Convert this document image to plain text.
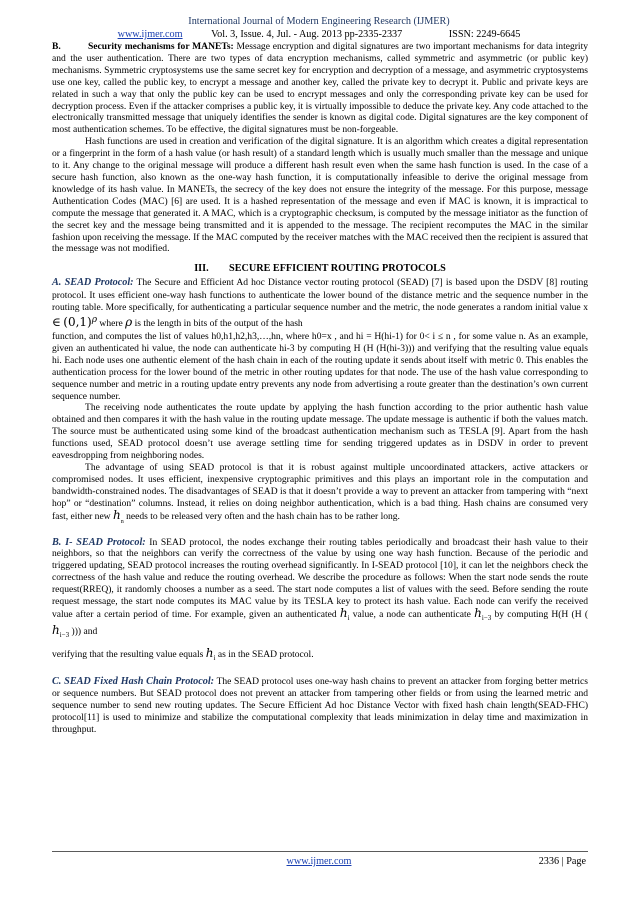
International Journal of Modern Engineering Research (IJMER)
www.ijmer.com	Vol. 3, Issue. 4, Jul. - Aug. 2013 pp-2335-2337	ISSN: 2249-6645

B.	Security mechanisms for MANETs: Message encryption and digital signatures are two important mechanisms for data integrity and the user authentication. There are two types of data encryption mechanisms, called symmetric and asymmetric (or public key) mechanisms. Symmetric cryptosystems use the same secret key for encryption and decryption of a message, and asymmetric cryptosystems use one key, called the public key, to encrypt a message and another key, called the private key to decrypt it. Public and private keys are related in such a way that only the public key can be used to encrypt messages and only the corresponding private key can be used for decryption process. Even if the attacker comprises a public key, it is virtually impossible to deduce the private key. Any code attached to the electronically transmitted message that uniquely identifies the sender is known as digital code. Digital signatures are the key component of most authentication schemes. To be effective, the digital signatures must be non-forgeable.

Hash functions are used in creation and verification of the digital signature. It is an algorithm which creates a digital representation or a fingerprint in the form of a hash value (or hash result) of a standard length which is usually much smaller than the message and unique to it. Any change to the original message will produce a different hash result even when the same hash function is used. In the case of a secure hash function, also known as the one-way hash function, it is computationally infeasible to derive the original message from knowledge of its hash value. In MANETs, the secrecy of the key does not ensure the integrity of the message. For this purpose, message Authentication Codes (MAC) [6] are used. It is a hashed representation of the message and even if MAC is known, it is impractical to compute the message that generated it. A MAC, which is a cryptographic checksum, is computed by the message initiator as the function of the secret key and the message being transmitted and it is appended to the message. The recipient recomputes the MAC in the similar fashion upon receiving the message. If the MAC computed by the receiver matches with the MAC received then the recipient is assured that the message was not modified.

III.        SECURE EFFICIENT ROUTING PROTOCOLS

A. SEAD Protocol: The Secure and Efficient Ad hoc Distance vector routing protocol (SEAD) [7] is based upon the DSDV [8] routing protocol. It uses efficient one-way hash functions to authenticate the lower bound of the distance metric and the sequence number in the routing table. More specifically, for authenticating a particular sequence number and the metric, the node generates a random initial value x ∈ $(0,1)^\rho$ where ρ is the length in bits of the output of the hash

function, and computes the list of values h0,h1,h2,h3,…,hn, where h0=x , and hi = H(hi-1) for 0< i ≤ n , for some value n. As an example, given an authenticated hi value, the node can authenticate hi-3 by computing H (H (H(hi-3))) and verifying that the resulting value equals hi. Each node uses one authentic element of the hash chain in each of the routing update it sends about itself with metric 0. This enables the authentication process for the lower bound of the metric in other routing updates for that node. The use of the hash value corresponding to sequence number and metric in a routing update entry prevents any node from advertising a route greater than the destination’s own current sequence number.

The receiving node authenticates the route update by applying the hash function according to the prior authentic hash value obtained and then compares it with the hash value in the routing update message. The update message is authentic if both the values match. The source must be authenticated using some kind of the broadcast authentication mechanism such as TESLA [9]. Apart from the hash functions used, SEAD protocol doesn’t use average settling time for sending triggered updates as in DSDV in order to prevent eavesdropping from neighboring nodes.

The advantage of using SEAD protocol is that it is robust against multiple uncoordinated attackers, active attackers or compromised nodes. It uses efficient, inexpensive cryptographic primitives and this plays an important role in the computation and bandwidth-constrained nodes. The disadvantages of SEAD is that it doesn’t provide a way to prevent an attacker from tampering with “next hop” or “destination” columns. Instead, it relies on doing neighbor authentication, which is a bad thing. Hash chains are consumed very fast, either new $h_n$ needs to be released very often and the hash chain has to be rather long.

B. I- SEAD Protocol: In SEAD protocol, the nodes exchange their routing tables periodically and broadcast their hash value to their neighbors, so that the neighbors can verify the correctness of the value by using one way hash function. Because of the periodic and triggered updating, SEAD protocol increases the routing overhead significantly. In I-SEAD protocol [10], it can let the neighbors check the correctness of the hash value and reduce the routing overhead. We describe the procedure as follows: When the start node sends the route request(RREQ), it randomly chooses a number as a seed. The start node computes a list of values with the seed. Before sending the route request message, the start node computes its MAC value by its TESLA key to protect its hash value. Each node can verify the received value after a certain period of time. For example, given an authenticated $h_i$ value, a node can authenticate $h_{i-3}$ by computing H(H (H ( $h_{i-3}$ ))) and

verifying that the resulting value equals $h_i$ as in the SEAD protocol.

C. SEAD Fixed Hash Chain Protocol: The SEAD protocol uses one-way hash chains to prevent an attacker from forging better metrics or sequence numbers. But SEAD protocol does not prevent an attacker from tampering other fields or from using the learned metric and sequence number to send new routing updates. The Secure Efficient Ad hoc Distance Vector with fixed hash chain length(SEAD-FHC) protocol[11] is used to minimize and stabilize the computational complexity that leads minimization in delay time and maximization in throughput.

www.ijmer.com	2336 | Page
